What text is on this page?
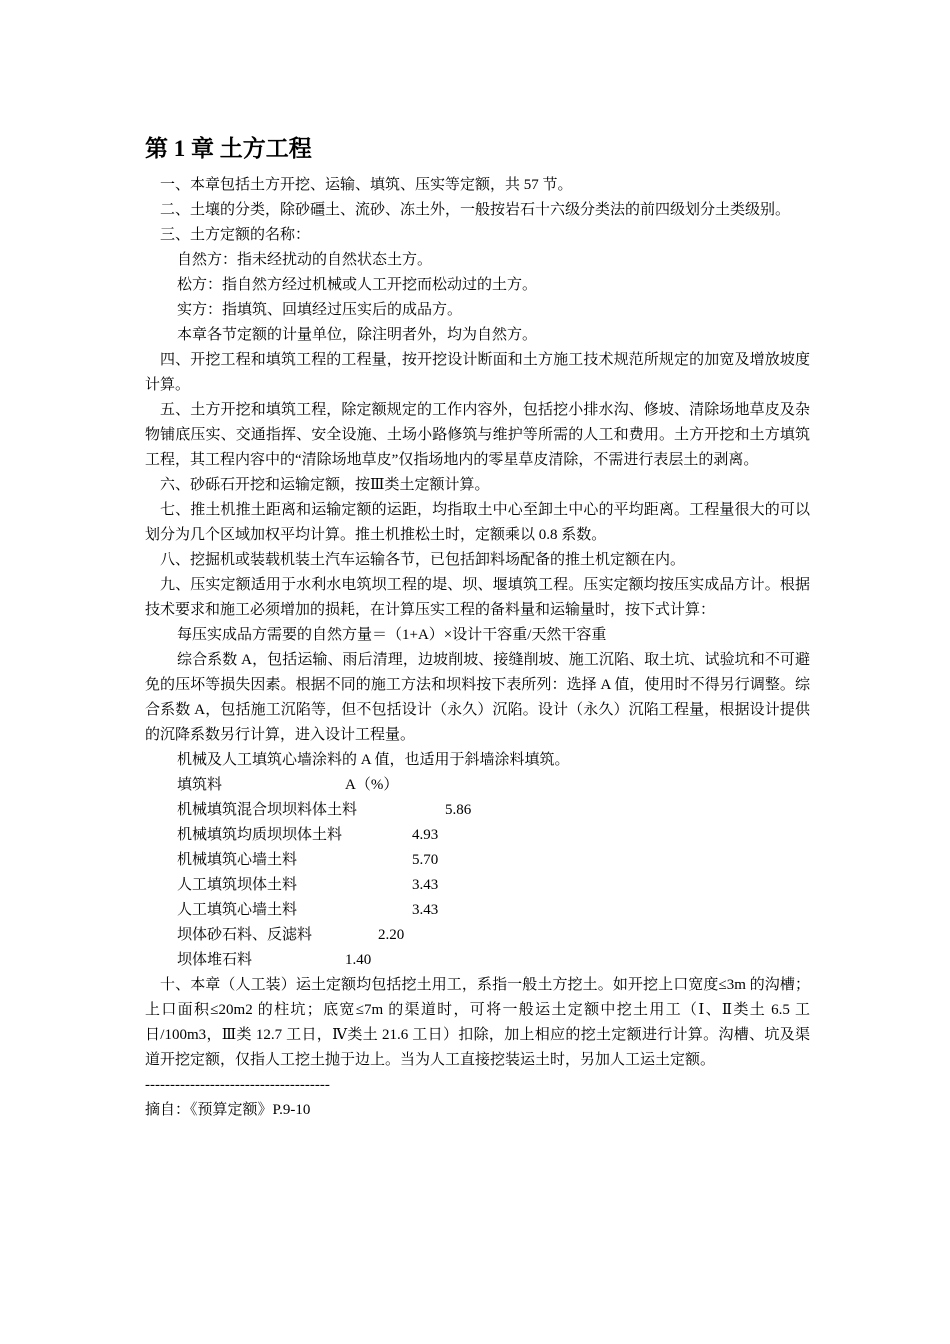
第 1 章 土方工程

一、本章包括土方开挖、运输、填筑、压实等定额，共 57 节。

二、土壤的分类，除砂礓土、流砂、冻土外，一般按岩石十六级分类法的前四级划分土类级别。

三、土方定额的名称：

自然方：指未经扰动的自然状态土方。

松方：指自然方经过机械或人工开挖而松动过的土方。

实方：指填筑、回填经过压实后的成品方。

本章各节定额的计量单位，除注明者外，均为自然方。

四、开挖工程和填筑工程的工程量，按开挖设计断面和土方施工技术规范所规定的加宽及增放坡度计算。

五、土方开挖和填筑工程，除定额规定的工作内容外，包括挖小排水沟、修坡、清除场地草皮及杂物铺底压实、交通指挥、安全设施、土场小路修筑与维护等所需的人工和费用。土方开挖和土方填筑工程，其工程内容中的“清除场地草皮”仅指场地内的零星草皮清除，不需进行表层土的剥离。

六、砂砾石开挖和运输定额，按Ⅲ类土定额计算。

七、推土机推土距离和运输定额的运距，均指取土中心至卸土中心的平均距离。工程量很大的可以划分为几个区域加权平均计算。推土机推松土时，定额乘以 0.8 系数。

八、挖掘机或装载机装土汽车运输各节，已包括卸料场配备的推土机定额在内。

九、压实定额适用于水利水电筑坝工程的堤、坝、堰填筑工程。压实定额均按压实成品方计。根据技术要求和施工必须增加的损耗，在计算压实工程的备料量和运输量时，按下式计算：

每压实成品方需要的自然方量＝（1+A）×设计干容重/天然干容重

综合系数 A，包括运输、雨后清理，边坡削坡、接缝削坡、施工沉陷、取土坑、试验坑和不可避免的压坏等损失因素。根据不同的施工方法和坝料按下表所列：选择 A 值，使用时不得另行调整。综合系数 A，包括施工沉陷等，但不包括设计（永久）沉陷。设计（永久）沉陷工程量，根据设计提供的沉降系数另行计算，进入设计工程量。

机械及人工填筑心墙涂料的 A 值，也适用于斜墙涂料填筑。

填筑料	A（%）
机械填筑混合坝坝料体土料	5.86
机械填筑均质坝坝体土料	4.93
机械填筑心墙土料	5.70
人工填筑坝体土料	3.43
人工填筑心墙土料	3.43
坝体砂石料、反滤料	2.20
坝体堆石料	1.40

十、本章（人工装）运土定额均包括挖土用工，系指一般土方挖土。如开挖上口宽度≤3m 的沟槽；上口面积≤20m2 的柱坑；底宽≤7m 的渠道时，可将一般运土定额中挖土用工（Ⅰ、Ⅱ类土 6.5 工日/100m3，Ⅲ类 12.7 工日，Ⅳ类土 21.6 工日）扣除，加上相应的挖土定额进行计算。沟槽、坑及渠道开挖定额，仅指人工挖土抛于边上。当为人工直接挖装运土时，另加人工运土定额。

-------------------------------------

摘自：《预算定额》P.9-10
